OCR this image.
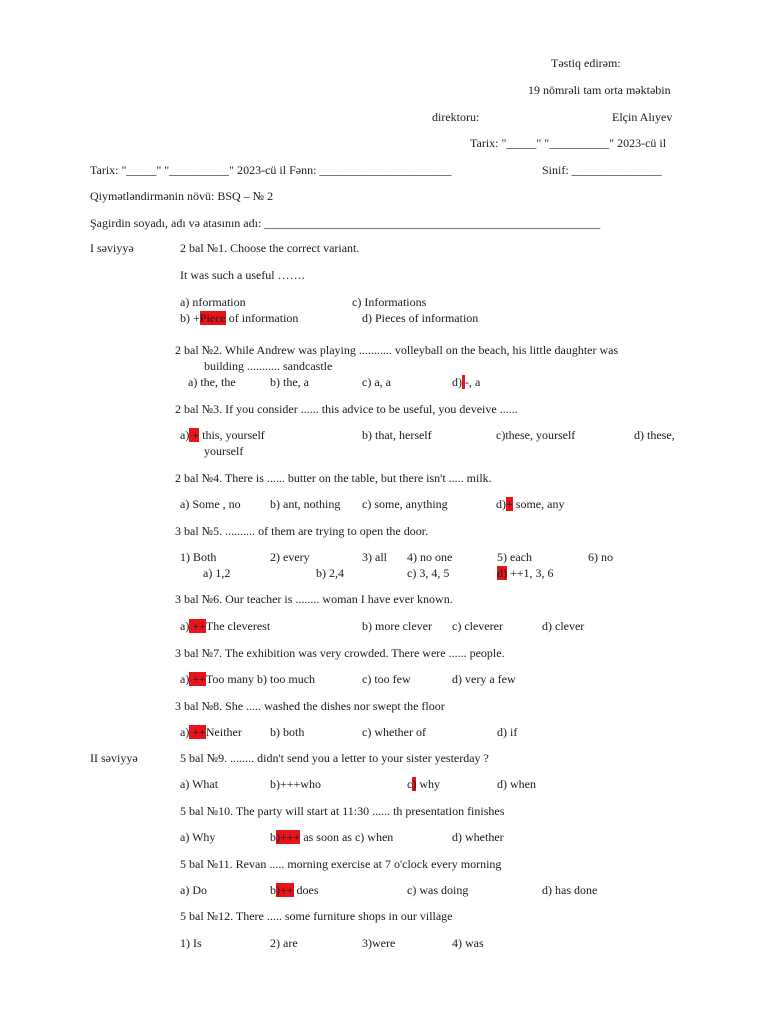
Təstiq edirəm:
19 nömrəli tam orta məktəbin
direktoru:	Elçin Alıyev
Tarix: "_____" "__________" 2023-cü il
Tarix: "_____" "__________" 2023-cü il Fənn: ______________________	Sinif: _______________
Qiymətləndirmənin növü: BSQ – № 2
Şagirdin soyadı, adı və atasının adı: ________________________________________________________
I səviyyə	2 bal №1. Choose the correct variant.
It was such a useful …….
a) nformation	c) Informations
b) +Piece of information	d) Pieces of information
2 bal №2. While Andrew was playing ........... volleyball on the beach, his little daughter was
building ........... sandcastle
a) the, the	b) the, a	c) a, a	d) -, a
2 bal №3. If you consider ...... this advice to be useful, you deveive ......
a) + this, yourself	b) that, herself	c)these, yourself	d) these,
yourself
2 bal №4. There is ...... butter on the table, but there isn't ..... milk.
a) Some , no b) ant, nothing c) some, anything	d)+ some, any
3 bal №5. .......... of them are trying to open the door.
1) Both	2) every	3) all 4) no one	5) each	6) no
a) 1,2	b) 2,4	c) 3, 4, 5	d) ++1, 3, 6
3 bal №6. Our teacher is ........ woman I have ever known.
a) ++The cleverest	b) more clever c) cleverer	d) clever
3 bal №7. The exhibition was very crowded. There were ...... people.
a) ++Too many b) too much	c) too few	d) very a few
3 bal №8. She ..... washed the dishes nor swept the floor
a) ++Neither b) both	c) whether of	d) if
II səviyyə	5 bal №9. ........ didn't send you a letter to your sister yesterday ?
a) What	b)+++who	c) why	d) when
5 bal №10. The party will start at 11:30 ...... th presentation finishes
a) Why	b)+++ as soon as c) when	d) whether
5 bal №11. Revan ..... morning exercise at 7 o'clock every morning
a) Do	b)++ does	c) was doing	d) has done
5 bal №12. There ..... some furniture shops in our village
1) Is	2) are	3)were	4) was
